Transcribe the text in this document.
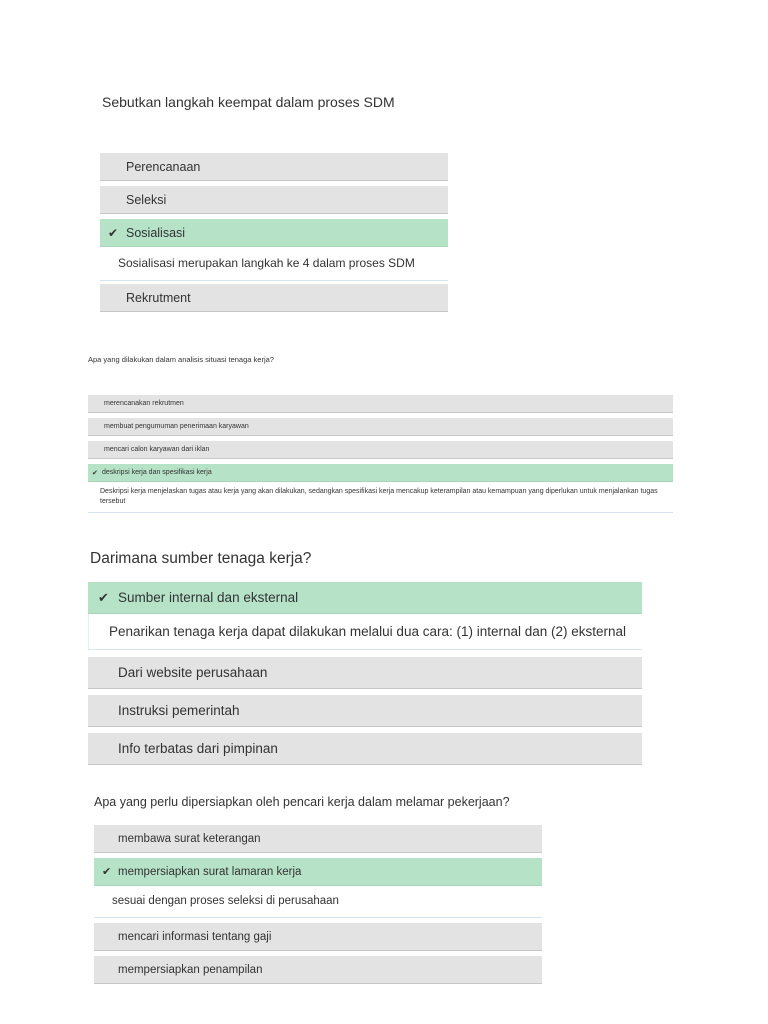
Sebutkan langkah keempat dalam proses SDM
Perencanaan
Seleksi
✔ Sosialisasi
Sosialisasi merupakan langkah ke 4 dalam proses SDM
Rekrutment
Apa yang dilakukan dalam analisis situasi tenaga kerja?
merencanakan rekrutmen
membuat pengumuman penerimaan karyawan
mencari calon karyawan dari iklan
✔ deskripsi kerja dan spesifikasi kerja
Deskripsi kerja menjelaskan tugas atau kerja yang akan dilakukan, sedangkan spesifikasi kerja mencakup keterampilan atau kemampuan yang diperlukan untuk menjalankan tugas tersebut
Darimana sumber tenaga kerja?
✔ Sumber internal dan eksternal
Penarikan tenaga kerja dapat dilakukan melalui dua cara: (1) internal dan (2) eksternal
Dari website perusahaan
Instruksi pemerintah
Info terbatas dari pimpinan
Apa yang perlu dipersiapkan oleh pencari kerja dalam melamar pekerjaan?
membawa surat keterangan
✔ mempersiapkan surat lamaran kerja
sesuai dengan proses seleksi di perusahaan
mencari informasi tentang gaji
mempersiapkan penampilan
